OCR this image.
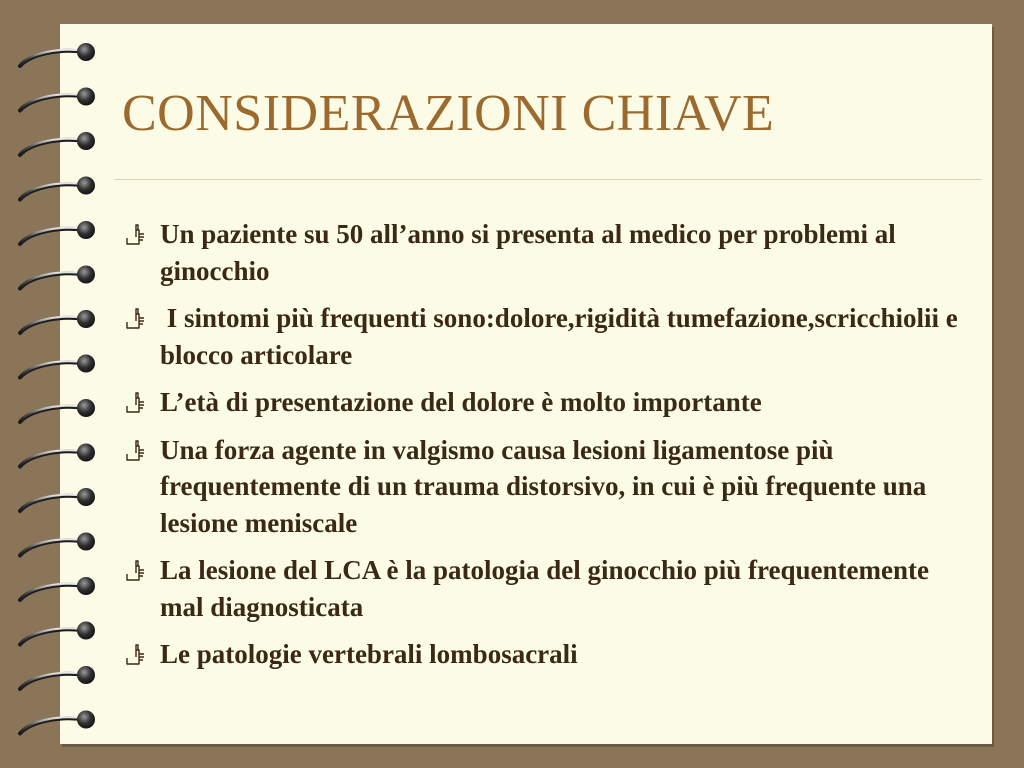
CONSIDERAZIONI CHIAVE
Un paziente su 50 all’anno si presenta al medico per problemi al ginocchio
I sintomi più frequenti sono:dolore,rigidità tumefazione,scricchiolii e blocco articolare
L’età di presentazione del dolore è molto importante
Una forza agente in valgismo causa lesioni ligamentose più frequentemente di un trauma distorsivo, in cui è più frequente una lesione meniscale
La lesione del LCA è la patologia del ginocchio più frequentemente mal diagnosticata
Le patologie vertebrali lombosacrali
